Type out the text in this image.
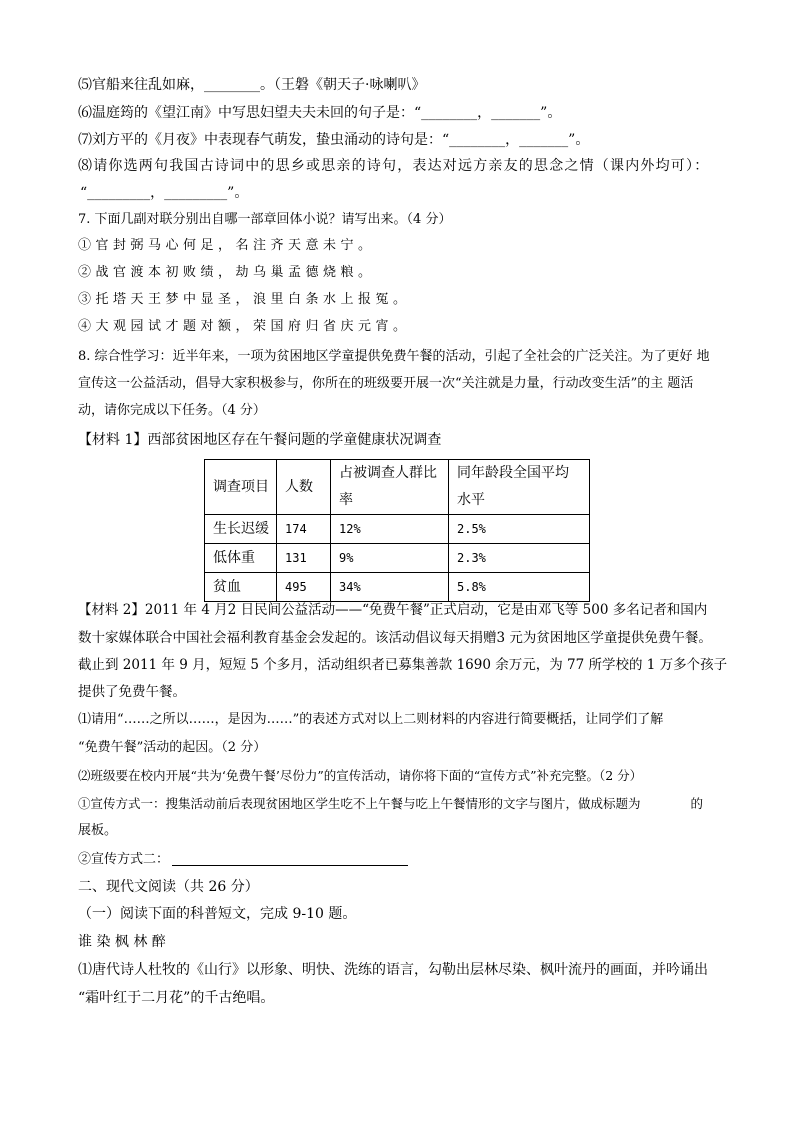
⑸官船来往乱如麻，________。（王磐《朝天子·咏喇叭》
⑹温庭筠的《望江南》中写思妇望夫夫未回的句子是：“________，_______”。
⑺刘方平的《月夜》中表现春气萌发，蛰虫涌动的诗句是：“________，_______”。
⑻请你选两句我国古诗词中的思乡或思亲的诗句，表达对远方亲友的思念之情（课内外均可）：
“_________，_________”。
7. 下面几副对联分别出自哪一部章回体小说？请写出来。（4 分）
①官封弼马心何足，名注齐天意未宁。
②战官渡本初败绩，劫乌巢孟德烧粮。
③托塔天王梦中显圣，浪里白条水上报冤。
④大观园试才题对额，荣国府归省庆元宵。
8. 综合性学习：近半年来，一项为贫困地区学童提供免费午餐的活动，引起了全社会的广泛关注。为了更好 地
宣传这一公益活动，倡导大家积极参与，你所在的班级要开展一次“关注就是力量，行动改变生活”的主 题活
动，请你完成以下任务。（4 分）
【材料 1】西部贫困地区存在午餐问题的学童健康状况调查
调查项目	人数	占被调查人群比率	同年龄段全国平均水平

生长迟缓	174	12%	2.5%
低体重	131	9%	2.3%
贫血	495	34%	5.8%
【材料 2】2011 年 4 月2 日民间公益活动——“免费午餐”正式启动，它是由邓飞等 500 多名记者和国内
数十家媒体联合中国社会福利教育基金会发起的。该活动倡议每天捐赠3 元为贫困地区学童提供免费午餐。
截止到 2011 年 9 月，短短 5 个多月，活动组织者已募集善款 1690 余万元，为 77 所学校的 1 万多个孩子
提供了免费午餐。
⑴请用“……之所以……，是因为……”的表述方式对以上二则材料的内容进行简要概括，让同学们了解
“免费午餐”活动的起因。（2 分）
⑵班级要在校内开展“共为‘免费午餐’尽份力”的宣传活动，请你将下面的“宣传方式”补充完整。（2 分）
①宣传方式一：搜集活动前后表现贫困地区学生吃不上午餐与吃上午餐情形的文字与图片，做成标题为	的
展板。
②宣传方式二：
二、现代文阅读（共 26 分）
（一）阅读下面的科普短文，完成 9-10 题。
谁 染 枫 林 醉
⑴唐代诗人杜牧的《山行》以形象、明快、洗练的语言，勾勒出层林尽染、枫叶流丹的画面，并吟诵出
“霜叶红于二月花”的千古绝唱。
